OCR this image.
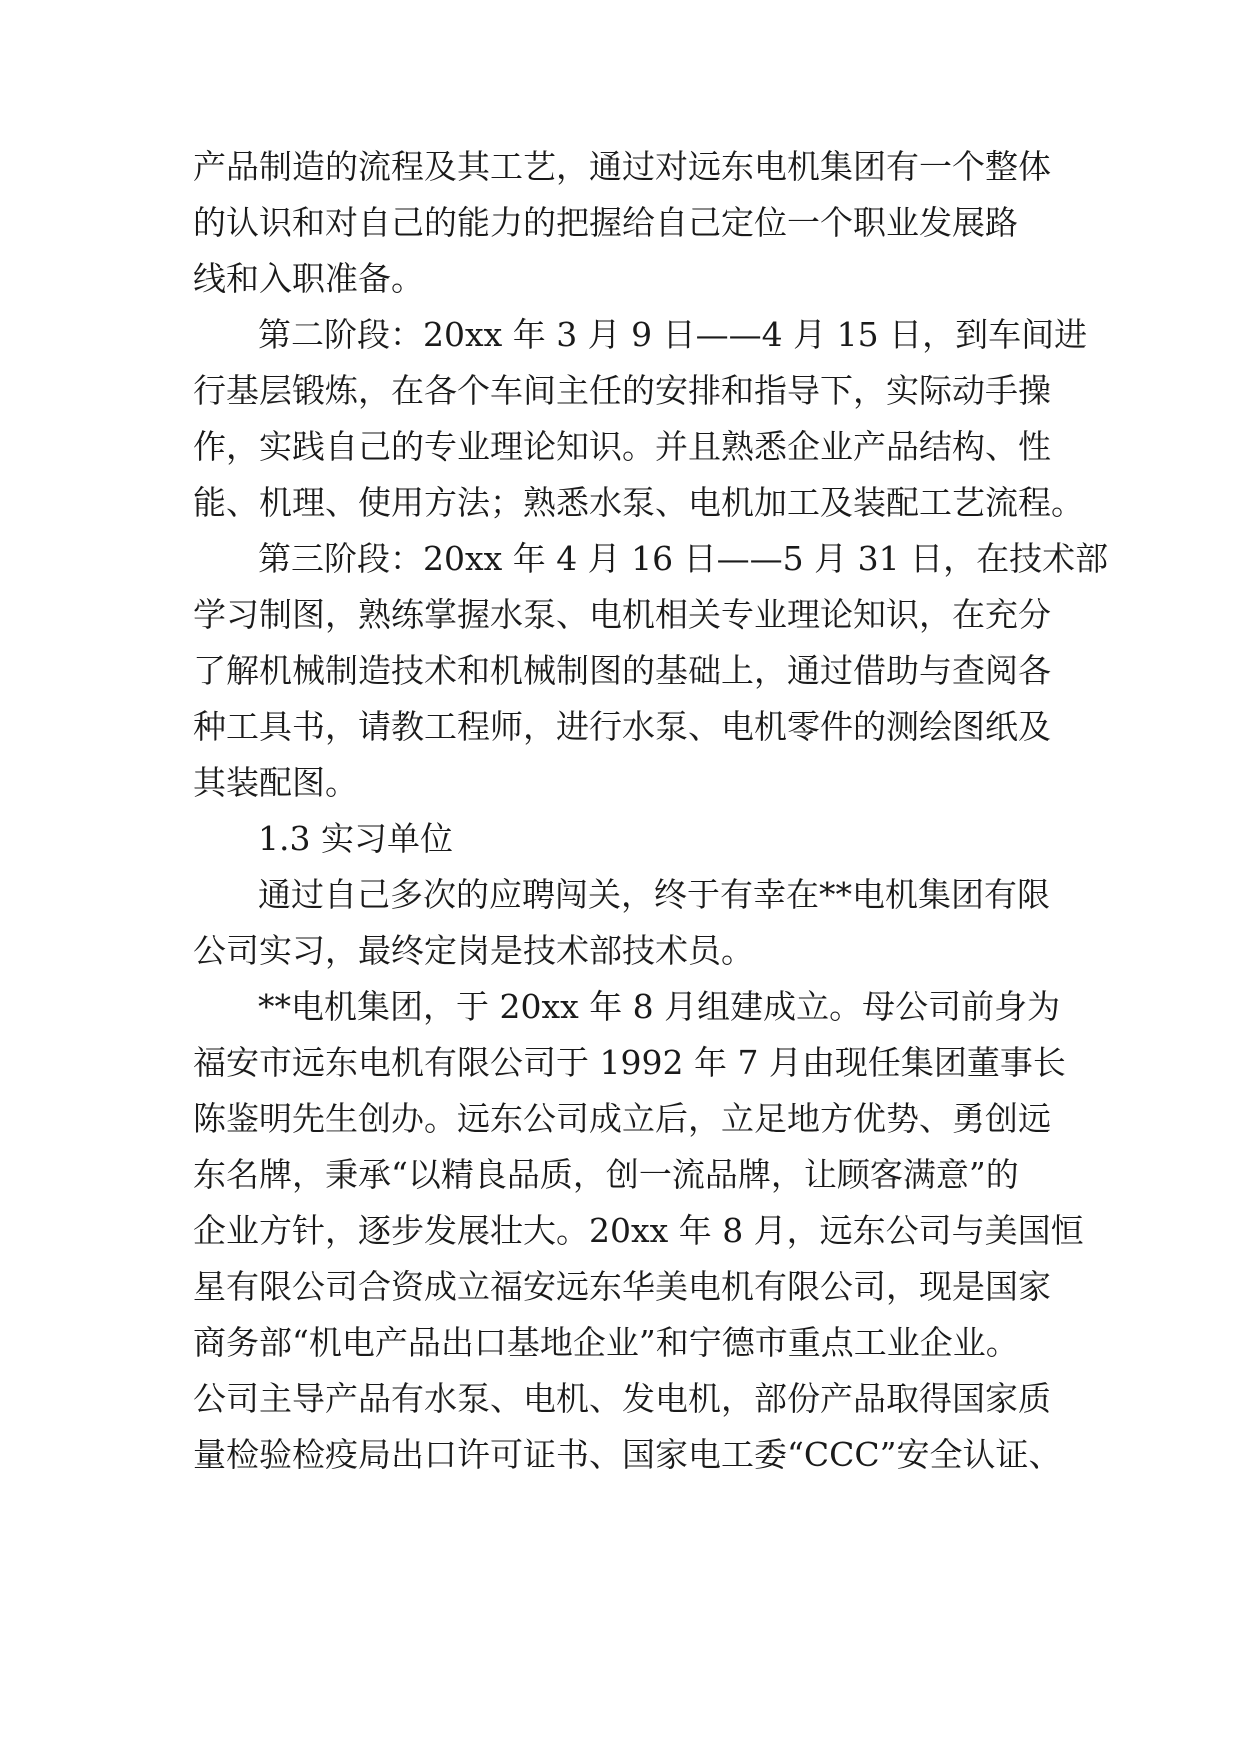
产品制造的流程及其工艺，通过对远东电机集团有一个整体
的认识和对自己的能力的把握给自己定位一个职业发展路
线和入职准备。
第二阶段：20xx 年 3 月 9 日——4 月 15 日，到车间进
行基层锻炼，在各个车间主任的安排和指导下，实际动手操
作，实践自己的专业理论知识。并且熟悉企业产品结构、性
能、机理、使用方法；熟悉水泵、电机加工及装配工艺流程。
第三阶段：20xx 年 4 月 16 日——5 月 31 日，在技术部
学习制图，熟练掌握水泵、电机相关专业理论知识，在充分
了解机械制造技术和机械制图的基础上，通过借助与查阅各
种工具书，请教工程师，进行水泵、电机零件的测绘图纸及
其装配图。
1.3 实习单位
通过自己多次的应聘闯关，终于有幸在**电机集团有限
公司实习，最终定岗是技术部技术员。
**电机集团，于 20xx 年 8 月组建成立。母公司前身为
福安市远东电机有限公司于 1992 年 7 月由现任集团董事长
陈鉴明先生创办。远东公司成立后，立足地方优势、勇创远
东名牌，秉承“以精良品质，创一流品牌，让顾客满意”的
企业方针，逐步发展壮大。20xx 年 8 月，远东公司与美国恒
星有限公司合资成立福安远东华美电机有限公司，现是国家
商务部“机电产品出口基地企业”和宁德市重点工业企业。
公司主导产品有水泵、电机、发电机，部份产品取得国家质
量检验检疫局出口许可证书、国家电工委“CCC”安全认证、
